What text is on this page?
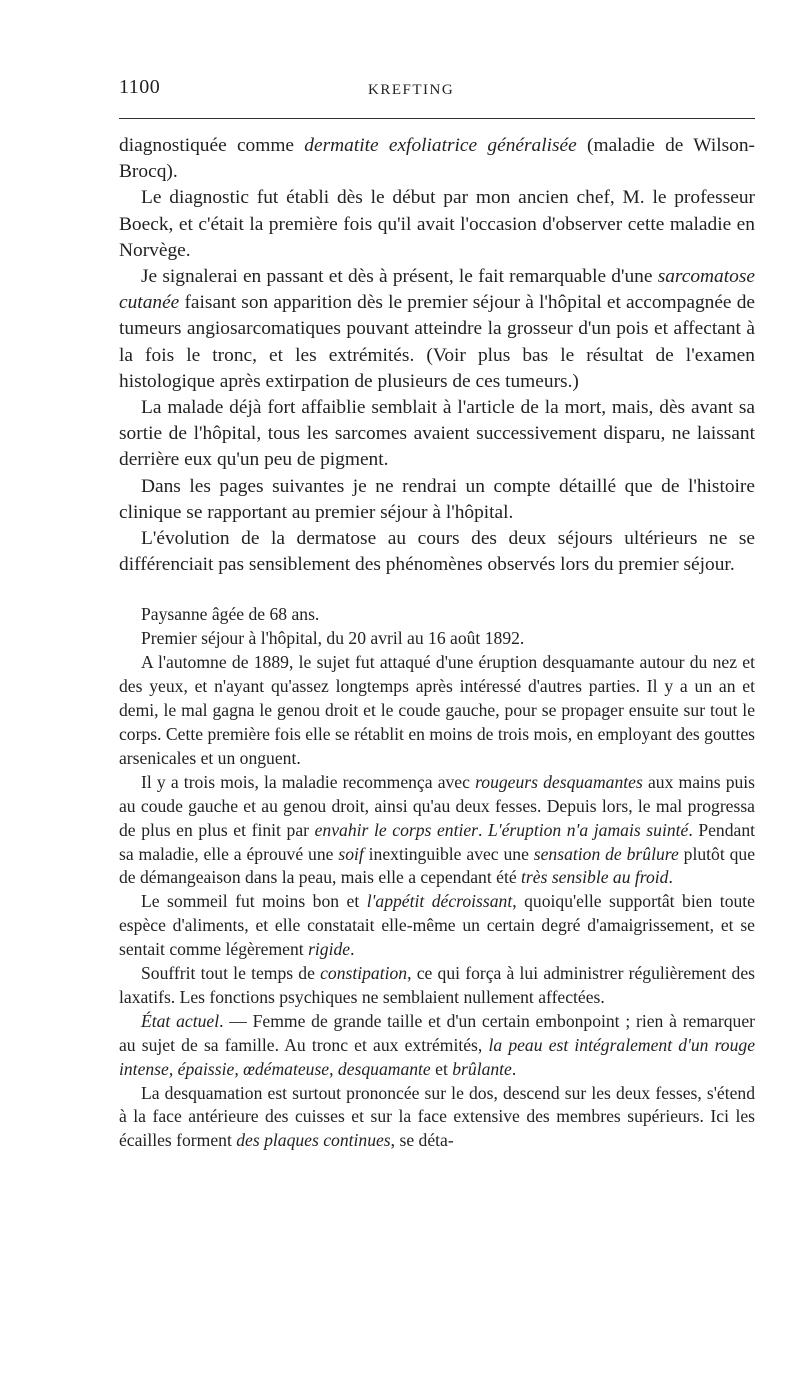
1100	KREFTING

diagnostiquée comme dermatite exfoliatrice généralisée (maladie de Wilson-Brocq).

Le diagnostic fut établi dès le début par mon ancien chef, M. le professeur Boeck, et c'était la première fois qu'il avait l'occasion d'observer cette maladie en Norvège.

Je signalerai en passant et dès à présent, le fait remarquable d'une sarcomatose cutanée faisant son apparition dès le premier séjour à l'hôpital et accompagnée de tumeurs angiosarcomatiques pouvant atteindre la grosseur d'un pois et affectant à la fois le tronc, et les extrémités. (Voir plus bas le résultat de l'examen histologique après extirpation de plusieurs de ces tumeurs.)

La malade déjà fort affaiblie semblait à l'article de la mort, mais, dès avant sa sortie de l'hôpital, tous les sarcomes avaient successivement disparu, ne laissant derrière eux qu'un peu de pigment.

Dans les pages suivantes je ne rendrai un compte détaillé que de l'histoire clinique se rapportant au premier séjour à l'hôpital.

L'évolution de la dermatose au cours des deux séjours ultérieurs ne se différenciait pas sensiblement des phénomènes observés lors du premier séjour.

Paysanne âgée de 68 ans.

Premier séjour à l'hôpital, du 20 avril au 16 août 1892.

A l'automne de 1889, le sujet fut attaqué d'une éruption desquamante autour du nez et des yeux, et n'ayant qu'assez longtemps après intéressé d'autres parties. Il y a un an et demi, le mal gagna le genou droit et le coude gauche, pour se propager ensuite sur tout le corps. Cette première fois elle se rétablit en moins de trois mois, en employant des gouttes arsenicales et un onguent.

Il y a trois mois, la maladie recommença avec rougeurs desquamantes aux mains puis au coude gauche et au genou droit, ainsi qu'au deux fesses. Depuis lors, le mal progressa de plus en plus et finit par envahir le corps entier. L'éruption n'a jamais suinté. Pendant sa maladie, elle a éprouvé une soif inextinguible avec une sensation de brûlure plutôt que de démangeaison dans la peau, mais elle a cependant été très sensible au froid.

Le sommeil fut moins bon et l'appétit décroissant, quoiqu'elle supportât bien toute espèce d'aliments, et elle constatait elle-même un certain degré d'amaigrissement, et se sentait comme légèrement rigide.

Souffrit tout le temps de constipation, ce qui força à lui administrer régulièrement des laxatifs. Les fonctions psychiques ne semblaient nullement affectées.

État actuel. — Femme de grande taille et d'un certain embonpoint ; rien à remarquer au sujet de sa famille. Au tronc et aux extrémités, la peau est intégralement d'un rouge intense, épaissie, œdémateuse, desquamante et brûlante.

La desquamation est surtout prononcée sur le dos, descend sur les deux fesses, s'étend à la face antérieure des cuisses et sur la face extensive des membres supérieurs. Ici les écailles forment des plaques continues, se déta-
